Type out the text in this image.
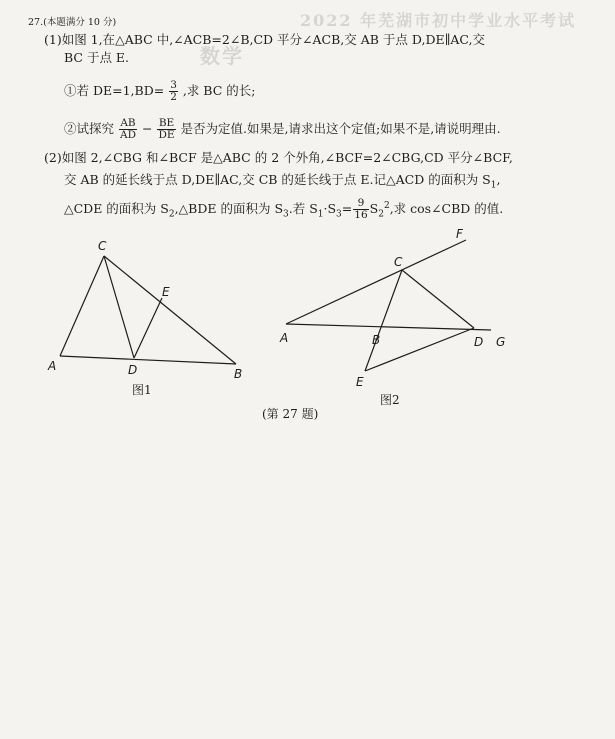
2022 年芜湖市初中学业水平考试
数学
27.(本题满分 10 分)
(1)如图 1,在△ABC 中,∠ACB=2∠B,CD 平分∠ACB,交 AB 于点 D,DE∥AC,交
BC 于点 E.
①若 $DE=1,BD= \frac{3}{2}$ ,求 BC 的长;
②试探究 $\frac{AB}{AD} - \frac{BE}{DE}$ 是否为定值.如果是,请求出这个定值;如果不是,请说明理由.
(2)如图 2,∠CBG 和∠BCF 是△ABC 的 2 个外角,∠BCF=2∠CBG,CD 平分∠BCF,
交 AB 的延长线于点 D,DE∥AC,交 CB 的延长线于点 E.记△ACD 的面积为 $S_1$,
△CDE 的面积为 $S_2,\triangle BDE$ 的面积为 $S_3$.若 $S_1\cdot S_3= \frac{9}{16} S_2^2$,求 cos∠CBD 的值.
C
E
A	D	B
图1
F
C
A	B	D G
E
图2
(第 27 题)
